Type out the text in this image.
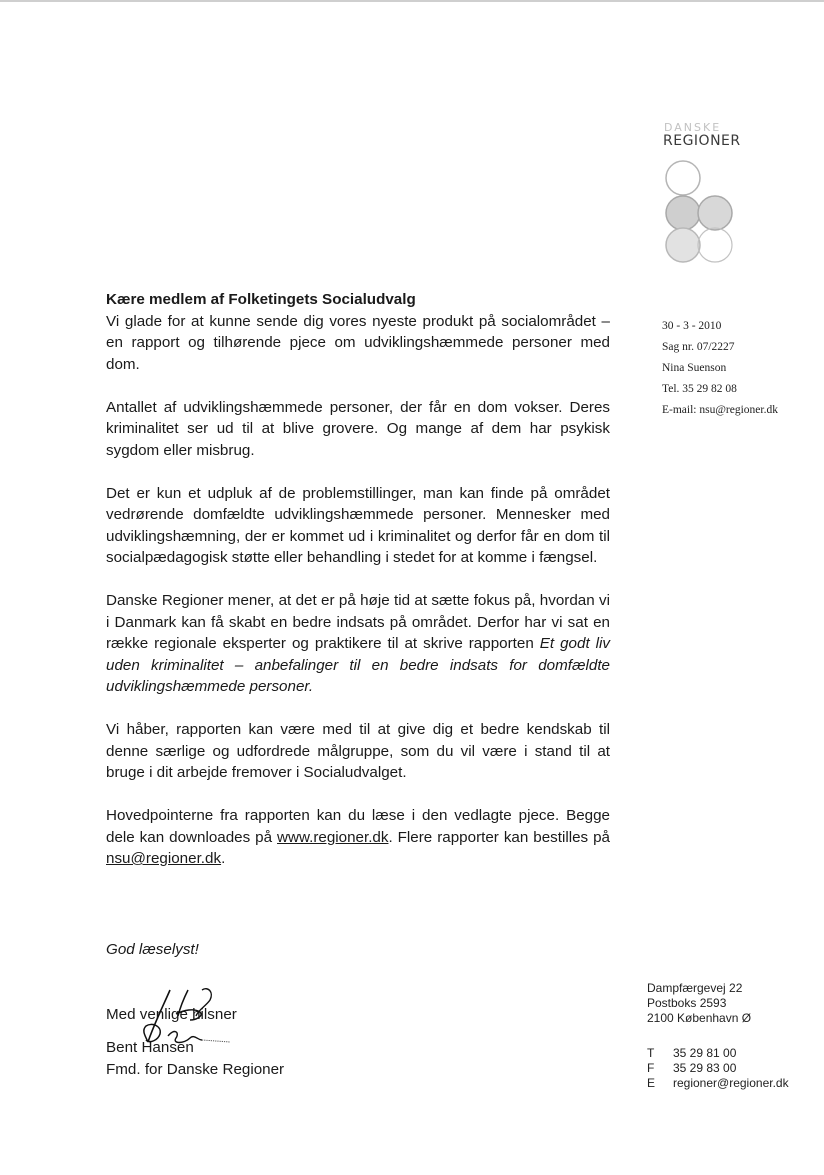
DANSKE
REGIONER
30 - 3 - 2010
Sag nr. 07/2227
Nina Suenson
Tel. 35 29 82 08
E-mail: nsu@regioner.dk

Kære medlem af Folketingets Socialudvalg

Vi glade for at kunne sende dig vores nyeste produkt på socialområdet – en rapport og tilhørende pjece om udviklingshæmmede personer med dom.

Antallet af udviklingshæmmede personer, der får en dom vokser. Deres kriminalitet ser ud til at blive grovere. Og mange af dem har psykisk sygdom eller misbrug.

Det er kun et udpluk af de problemstillinger, man kan finde på området vedrørende domfældte udviklingshæmmede personer. Mennesker med udviklingshæmning, der er kommet ud i kriminalitet og derfor får en dom til socialpædagogisk støtte eller behandling i stedet for at komme i fængsel.

Danske Regioner mener, at det er på høje tid at sætte fokus på, hvordan vi i Danmark kan få skabt en bedre indsats på området. Derfor har vi sat en række regionale eksperter og praktikere til at skrive rapporten Et godt liv uden kriminalitet – anbefalinger til en bedre indsats for domfældte udviklingshæmmede personer.

Vi håber, rapporten kan være med til at give dig et bedre kendskab til denne særlige og udfordrede målgruppe, som du vil være i stand til at bruge i dit arbejde fremover i Socialudvalget.

Hovedpointerne fra rapporten kan du læse i den vedlagte pjece. Begge dele kan downloades på www.regioner.dk. Flere rapporter kan bestilles på nsu@regioner.dk.

God læselyst!
Med venlige hilsner
Bent Hansen
Fmd. for Danske Regioner
Dampfærgevej 22
Postboks 2593
2100 København Ø
T 35 29 81 00
F 35 29 83 00
E regioner@regioner.dk
